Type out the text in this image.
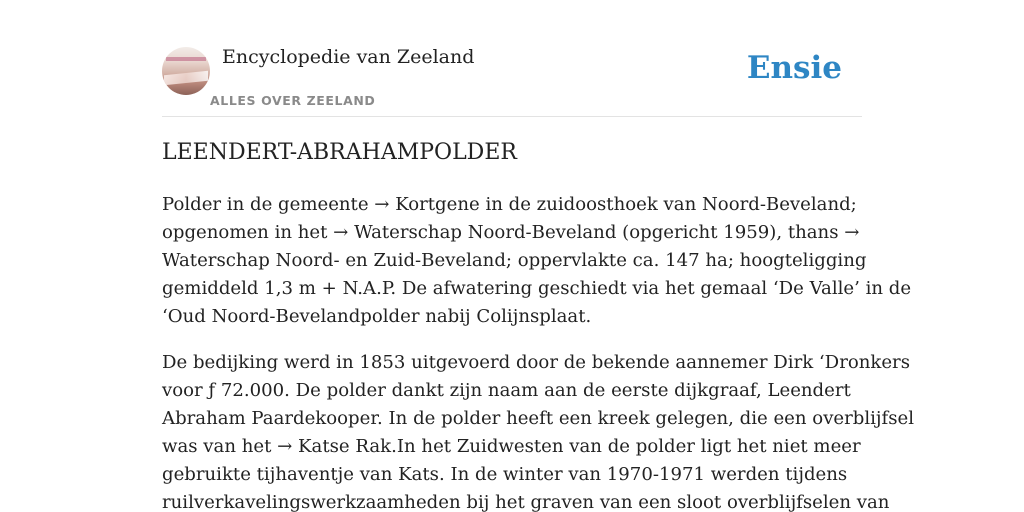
Encyclopedie van Zeeland
ALLES OVER ZEELAND
Ensie
LEENDERT-ABRAHAMPOLDER

Polder in de gemeente → Kortgene in de zuidoosthoek van Noord-Beveland;
opgenomen in het → Waterschap Noord-Beveland (opgericht 1959), thans →
Waterschap Noord- en Zuid-Beveland; oppervlakte ca. 147 ha; hoogteligging
gemiddeld 1,3 m + N.A.P. De afwatering geschiedt via het gemaal ‘De Valle’ in de
‘Oud Noord-Bevelandpolder nabij Colijnsplaat.

De bedijking werd in 1853 uitgevoerd door de bekende aannemer Dirk ‘Dronkers
voor ƒ 72.000. De polder dankt zijn naam aan de eerste dijkgraaf, Leendert
Abraham Paardekooper. In de polder heeft een kreek gelegen, die een overblijfsel
was van het → Katse Rak.In het Zuidwesten van de polder ligt het niet meer
gebruikte tijhaventje van Kats. In de winter van 1970-1971 werden tijdens
ruilverkavelingswerkzaamheden bij het graven van een sloot overblijfselen van
